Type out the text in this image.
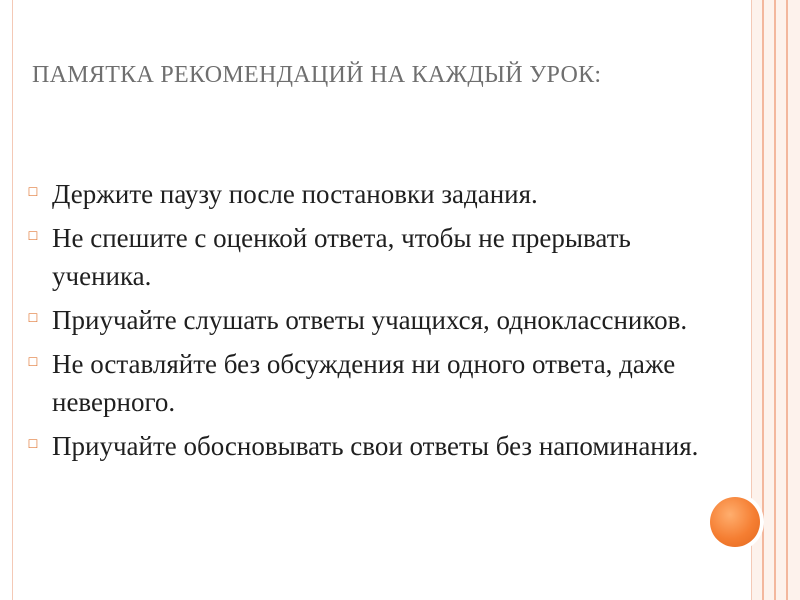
ПАМЯТКА РЕКОМЕНДАЦИЙ НА КАЖДЫЙ УРОК:
☐ Держите паузу после постановки задания.
☐ Не спешите с оценкой ответа, чтобы не прерывать ученика.
☐ Приучайте слушать ответы учащихся, одноклассников.
☐ Не оставляйте без обсуждения ни одного ответа, даже неверного.
☐ Приучайте обосновывать свои ответы без напоминания.
